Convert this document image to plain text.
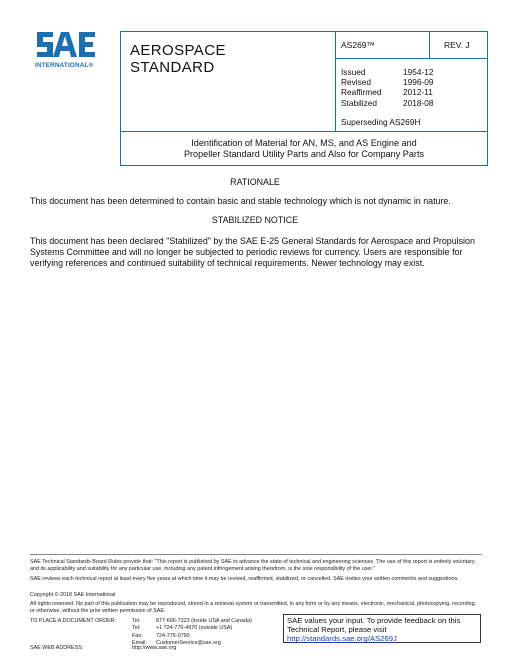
INTERNATIONAL®
AEROSPACE
STANDARD
AS269™	REV. J
Issued	1954-12
Revised	1996-09
Reaffirmed	2012-11
Stabilized	2018-08
Superseding AS269H
Identification of Material for AN, MS, and AS Engine and
Propeller Standard Utility Parts and Also for Company Parts
RATIONALE
This document has been determined to contain basic and stable technology which is not dynamic in nature.
STABILIZED NOTICE
This document has been declared "Stabilized" by the SAE E-25 General Standards for Aerospace and Propulsion Systems Committee and will no longer be subjected to periodic reviews for currency. Users are responsible for verifying references and continued suitability of technical requirements. Newer technology may exist.
SAE Technical Standards Board Rules provide that: "This report is published by SAE to advance the state of technical and engineering sciences. The use of this report is entirely voluntary, and its applicability and suitability for any particular use, including any patent infringement arising therefrom, is the sole responsibility of the user."
SAE reviews each technical report at least every five years at which time it may be revised, reaffirmed, stabilized, or cancelled. SAE invites your written comments and suggestions.
Copyright © 2018 SAE International
All rights reserved. No part of this publication may be reproduced, stored in a retrieval system or transmitted, in any form or by any means, electronic, mechanical, photocopying, recording, or otherwise, without the prior written permission of SAE.
TO PLACE A DOCUMENT ORDER:	Tel:	877-606-7323 (inside USA and Canada)
Tel:	+1 724-776-4970 (outside USA)
Fax:	724-776-0790
Email:	CustomerService@sae.org
SAE WEB ADDRESS:	http://www.sae.org
SAE values your input. To provide feedback on this Technical Report, please visit
http://standards.sae.org/AS269J
